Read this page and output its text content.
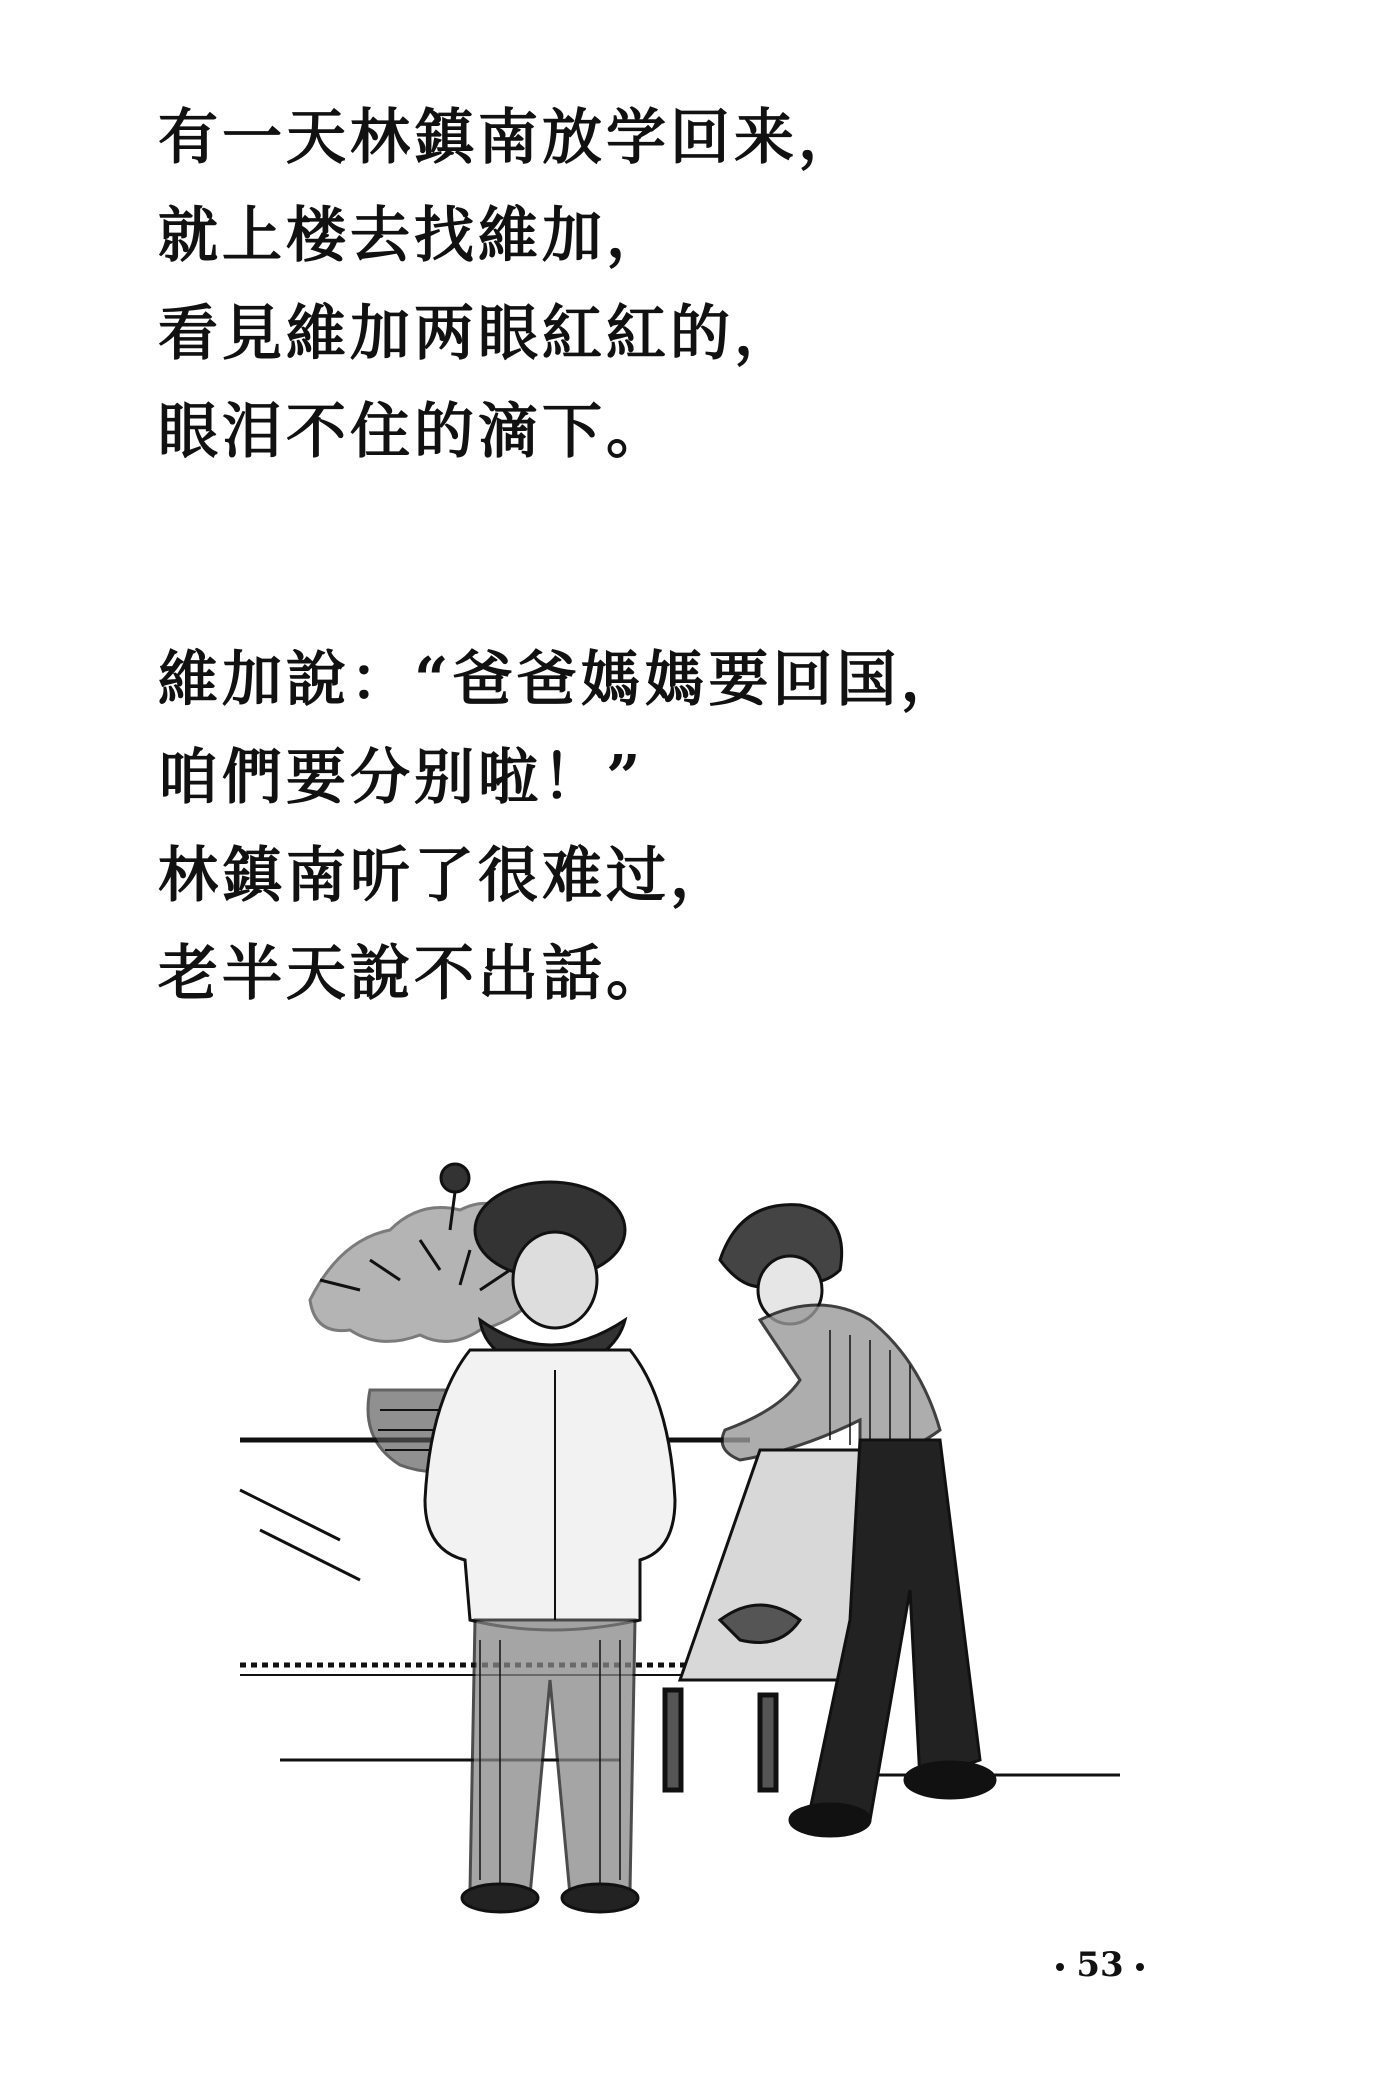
有一天林鎮南放学回来，
就上楼去找維加，
看見維加两眼紅紅的，
眼泪不住的滴下。
維加說：“爸爸媽媽要回国，
咱們要分别啦！”
林鎮南听了很难过，
老半天說不出話。
53
